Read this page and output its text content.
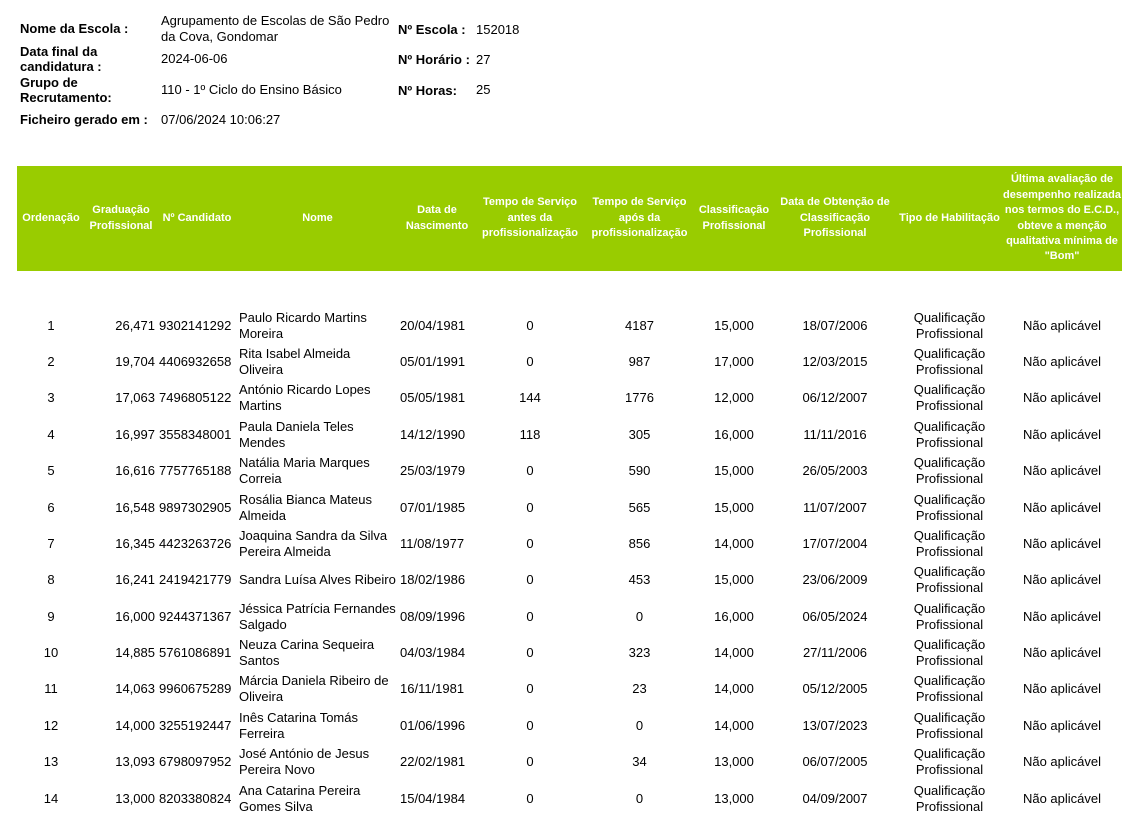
Nome da Escola :
Agrupamento de Escolas de São Pedro da Cova, Gondomar
Data final da candidatura :
2024-06-06
Grupo de Recrutamento:
110 - 1º Ciclo do Ensino Básico
Ficheiro gerado em : 07/06/2024 10:06:27
Nº Escola : 152018
Nº Horário : 27
Nº Horas: 25
Ordenação	Graduação Profissional	Nº Candidato	Nome	Data de Nascimento	Tempo de Serviço antes da profissionalização	Tempo de Serviço após da profissionalização	Classificação Profissional	Data de Obtenção de Classificação Profissional	Tipo de Habilitação	Última avaliação de desempenho realizada nos termos do E.C.D., obteve a menção qualitativa mínima de "Bom"

1	26,471	9302141292	Paulo Ricardo Martins Moreira	20/04/1981	0	4187	15,000	18/07/2006	Qualificação Profissional	Não aplicável
2	19,704	4406932658	Rita Isabel Almeida Oliveira	05/01/1991	0	987	17,000	12/03/2015	Qualificação Profissional	Não aplicável
3	17,063	7496805122	António Ricardo Lopes Martins	05/05/1981	144	1776	12,000	06/12/2007	Qualificação Profissional	Não aplicável
4	16,997	3558348001	Paula Daniela Teles Mendes	14/12/1990	118	305	16,000	11/11/2016	Qualificação Profissional	Não aplicável
5	16,616	7757765188	Natália Maria Marques Correia	25/03/1979	0	590	15,000	26/05/2003	Qualificação Profissional	Não aplicável
6	16,548	9897302905	Rosália Bianca Mateus Almeida	07/01/1985	0	565	15,000	11/07/2007	Qualificação Profissional	Não aplicável
7	16,345	4423263726	Joaquina Sandra da Silva Pereira Almeida	11/08/1977	0	856	14,000	17/07/2004	Qualificação Profissional	Não aplicável
8	16,241	2419421779	Sandra Luísa Alves Ribeiro	18/02/1986	0	453	15,000	23/06/2009	Qualificação Profissional	Não aplicável
9	16,000	9244371367	Jéssica Patrícia Fernandes Salgado	08/09/1996	0	0	16,000	06/05/2024	Qualificação Profissional	Não aplicável
10	14,885	5761086891	Neuza Carina Sequeira Santos	04/03/1984	0	323	14,000	27/11/2006	Qualificação Profissional	Não aplicável
11	14,063	9960675289	Márcia Daniela Ribeiro de Oliveira	16/11/1981	0	23	14,000	05/12/2005	Qualificação Profissional	Não aplicável
12	14,000	3255192447	Inês Catarina Tomás Ferreira	01/06/1996	0	0	14,000	13/07/2023	Qualificação Profissional	Não aplicável
13	13,093	6798097952	José António de Jesus Pereira Novo	22/02/1981	0	34	13,000	06/07/2005	Qualificação Profissional	Não aplicável
14	13,000	8203380824	Ana Catarina Pereira Gomes Silva	15/04/1984	0	0	13,000	04/09/2007	Qualificação Profissional	Não aplicável
